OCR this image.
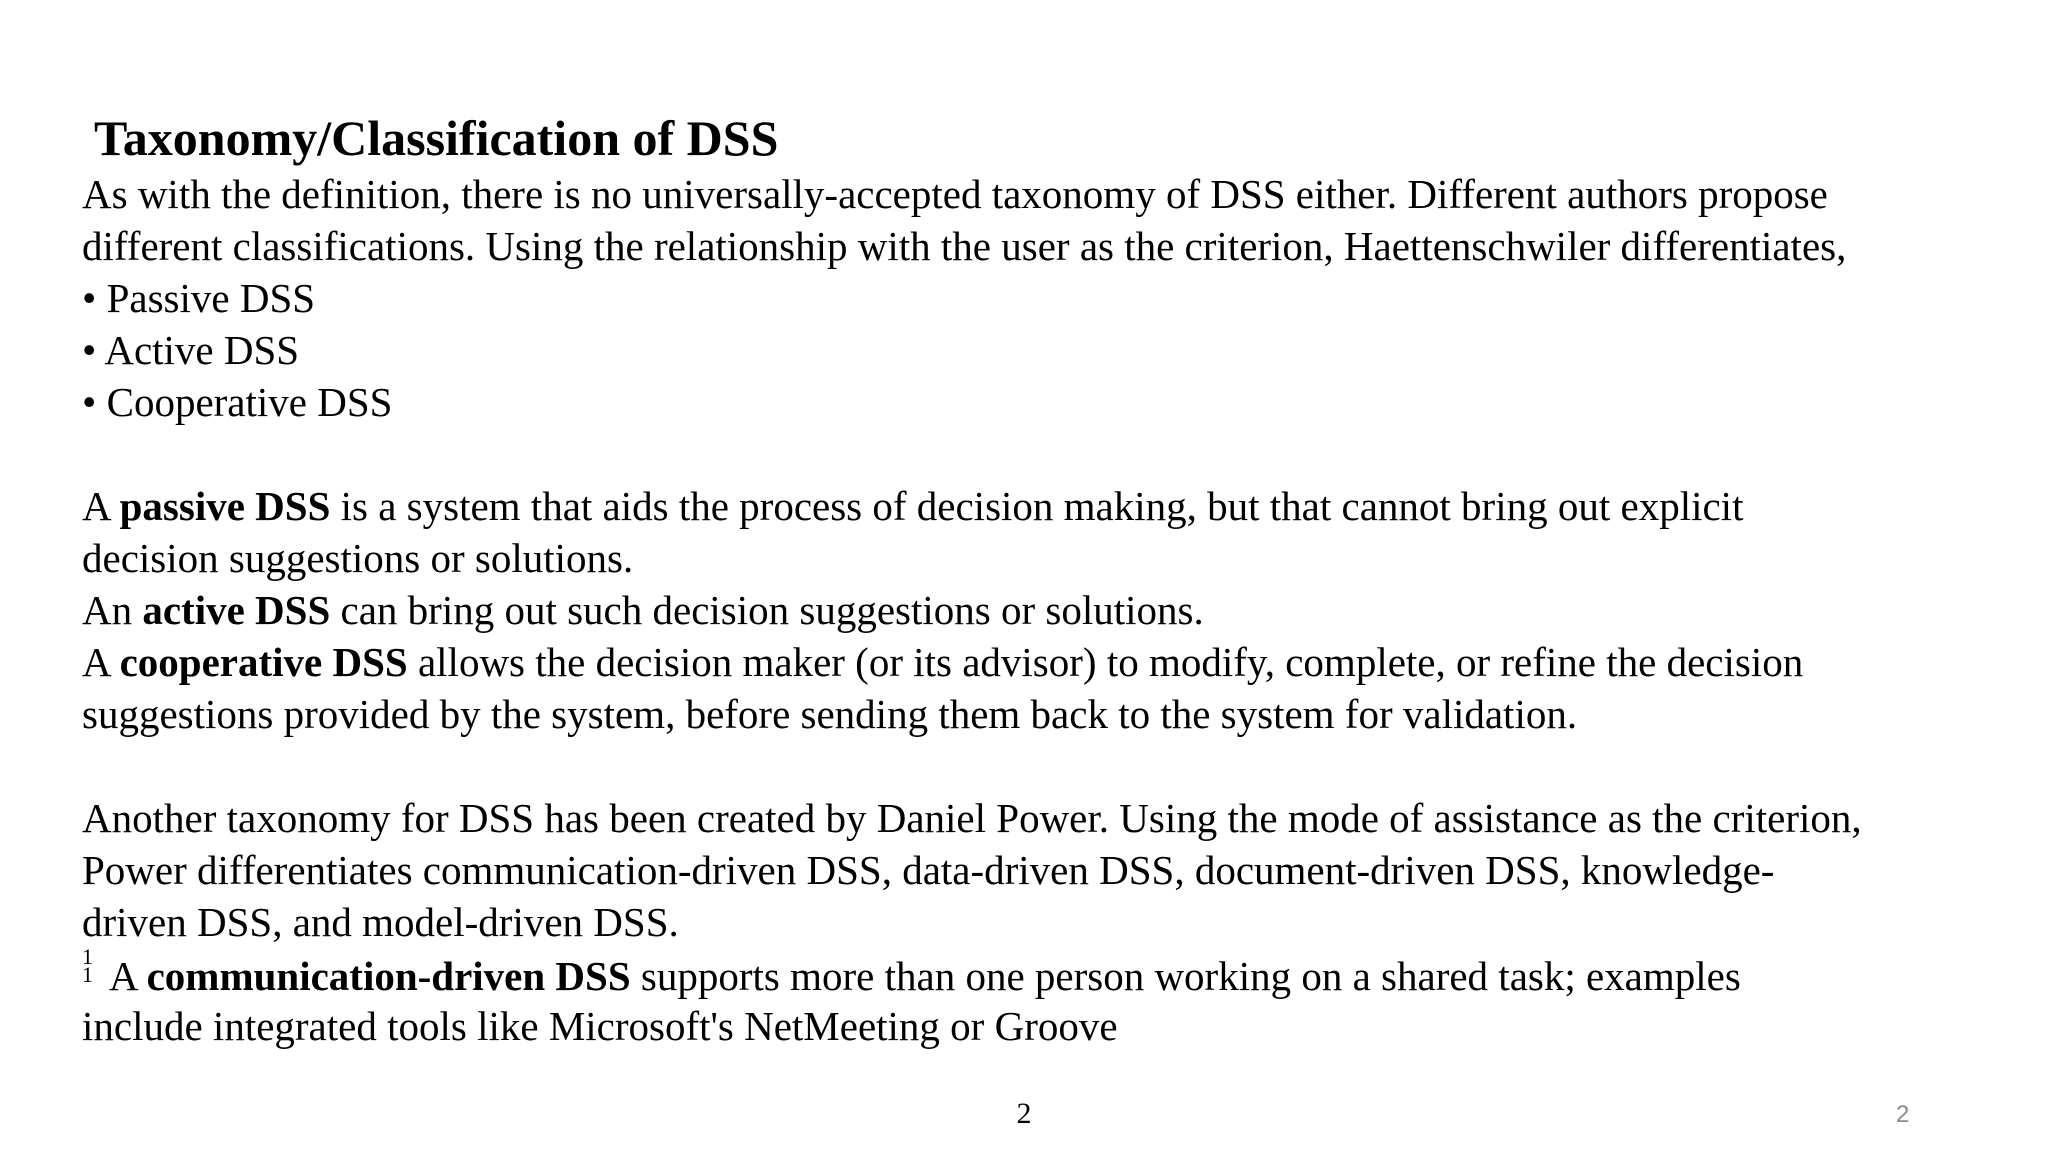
Taxonomy/Classification of DSS
As with the definition, there is no universally-accepted taxonomy of DSS either. Different authors propose
different classifications. Using the relationship with the user as the criterion, Haettenschwiler differentiates,
• Passive DSS
• Active DSS
• Cooperative DSS
A passive DSS is a system that aids the process of decision making, but that cannot bring out explicit
decision suggestions or solutions.
An active DSS can bring out such decision suggestions or solutions.
A cooperative DSS allows the decision maker (or its advisor) to modify, complete, or refine the decision
suggestions provided by the system, before sending them back to the system for validation.
Another taxonomy for DSS has been created by Daniel Power. Using the mode of assistance as the criterion,
Power differentiates communication-driven DSS, data-driven DSS, document-driven DSS, knowledge-
driven DSS, and model-driven DSS.
1
1 A communication-driven DSS supports more than one person working on a shared task; examples
include integrated tools like Microsoft's NetMeeting or Groove
2	2
